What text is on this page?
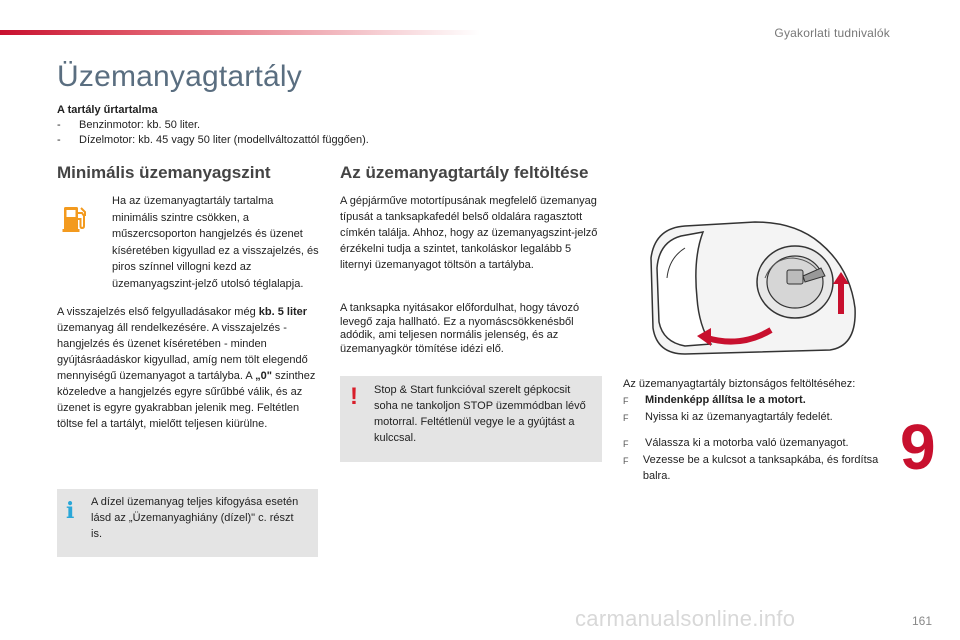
Gyakorlati tudnivalók
Üzemanyagtartály
A tartály űrtartalma
-	Benzinmotor: kb. 50 liter.
-	Dízelmotor: kb. 45 vagy 50 liter (modellváltozattól függően).
Minimális üzemanyagszint	Az üzemanyagtartály feltöltése
Ha az üzemanyagtartály tartalma minimális szintre csökken, a műszercsoporton hangjelzés és üzenet kíséretében kigyullad ez a visszajelzés, és piros színnel villogni kezd az üzemanyagszint-jelző utolsó téglalapja.
A visszajelzés első felgyulladásakor még kb. 5 liter üzemanyag áll rendelkezésére. A visszajelzés - hangjelzés és üzenet kíséretében - minden gyújtásráadáskor kigyullad, amíg nem tölt elegendő mennyiségű üzemanyagot a tartályba. A „0" szinthez közeledve a hangjelzés egyre sűrűbbé válik, és az üzenet is egyre gyakrabban jelenik meg. Feltétlen töltse fel a tartályt, mielőtt teljesen kiürülne.
i A dízel üzemanyag teljes kifogyása esetén lásd az „Üzemanyaghiány (dízel)" c. részt is.
A gépjárműve motortípusának megfelelő üzemanyag típusát a tanksapkafedél belső oldalára ragasztott címkén találja. Ahhoz, hogy az üzemanyagszint-jelző érzékelni tudja a szintet, tankoláskor legalább 5 liternyi üzemanyagot töltsön a tartályba.
A tanksapka nyitásakor előfordulhat, hogy távozó levegő zaja hallható. Ez a nyomáscsökkenésből adódik, ami teljesen normális jelenség, és az üzemanyagkör tömítése idézi elő.
! Stop & Start funkcióval szerelt gépkocsit soha ne tankoljon STOP üzemmódban lévő motorral. Feltétlenül vegye le a gyújtást a kulccsal.
Az üzemanyagtartály biztonságos feltöltéséhez:
F	Mindenképp állítsa le a motort.
F	Nyissa ki az üzemanyagtartály fedelét.
F	Válassza ki a motorba való üzemanyagot.
F	Vezesse be a kulcsot a tanksapkába, és fordítsa balra.	9
carmanualsonline.info	161
